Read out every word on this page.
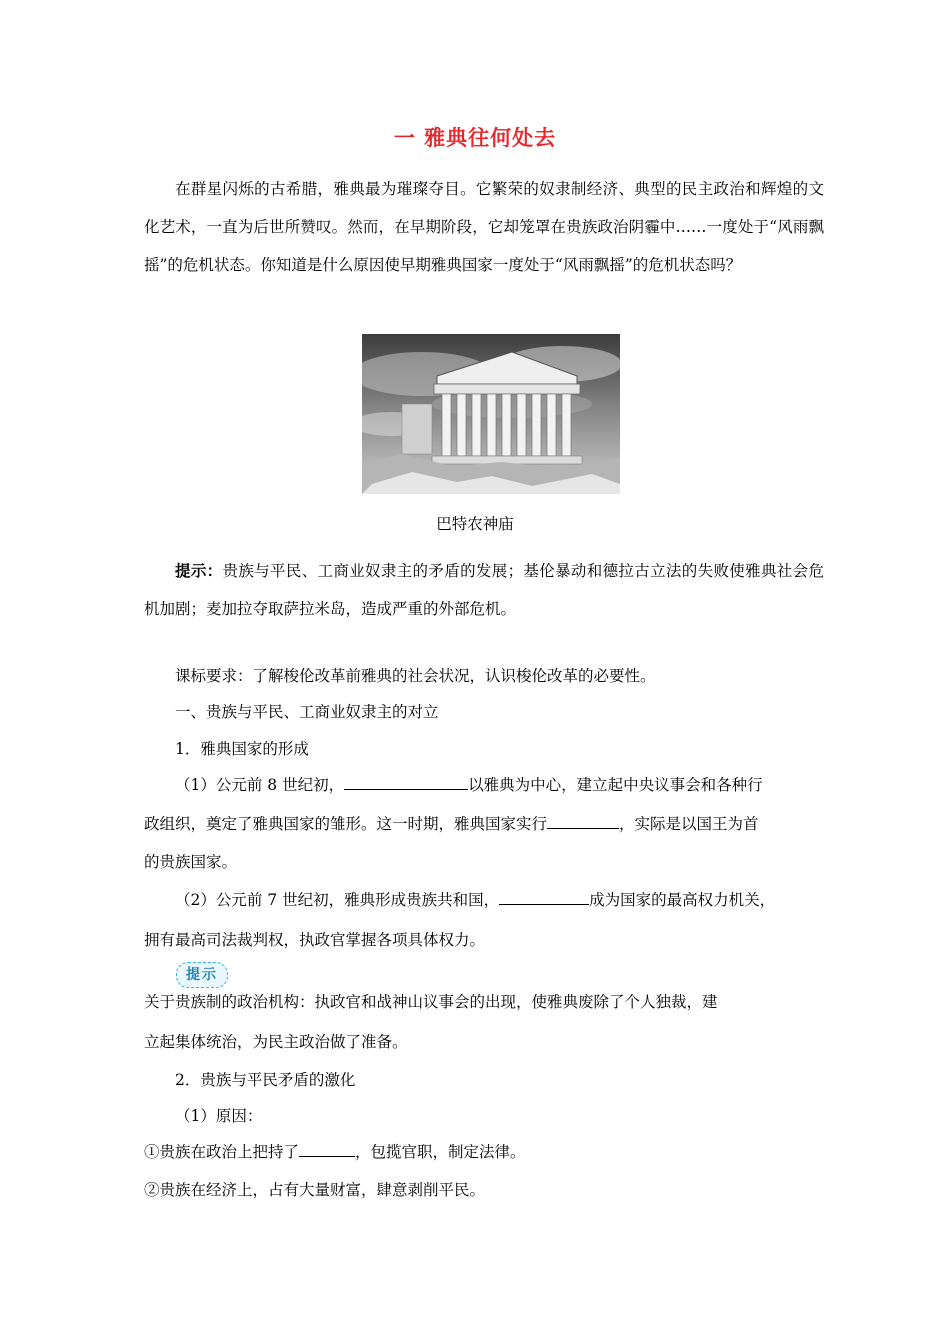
一 雅典往何处去

在群星闪烁的古希腊，雅典最为璀璨夺目。它繁荣的奴隶制经济、典型的民主政治和辉煌的文化艺术，一直为后世所赞叹。然而，在早期阶段，它却笼罩在贵族政治阴霾中……一度处于“风雨飘摇”的危机状态。你知道是什么原因使早期雅典国家一度处于“风雨飘摇”的危机状态吗？

巴特农神庙

提示：贵族与平民、工商业奴隶主的矛盾的发展；基伦暴动和德拉古立法的失败使雅典社会危机加剧；麦加拉夺取萨拉米岛，造成严重的外部危机。

课标要求：了解梭伦改革前雅典的社会状况，认识梭伦改革的必要性。
一、贵族与平民、工商业奴隶主的对立
1．雅典国家的形成
（1）公元前 8 世纪初，	以雅典为中心，建立起中央议事会和各种行
政组织，奠定了雅典国家的雏形。这一时期，雅典国家实行	，实际是以国王为首
的贵族国家。
（2）公元前 7 世纪初，雅典形成贵族共和国，	成为国家的最高权力机关，
拥有最高司法裁判权，执政官掌握各项具体权力。
提示
关于贵族制的政治机构：执政官和战神山议事会的出现，使雅典废除了个人独裁，建
立起集体统治，为民主政治做了准备。
2．贵族与平民矛盾的激化
（1）原因：
①贵族在政治上把持了	，包揽官职，制定法律。
②贵族在经济上，占有大量财富，肆意剥削平民。
